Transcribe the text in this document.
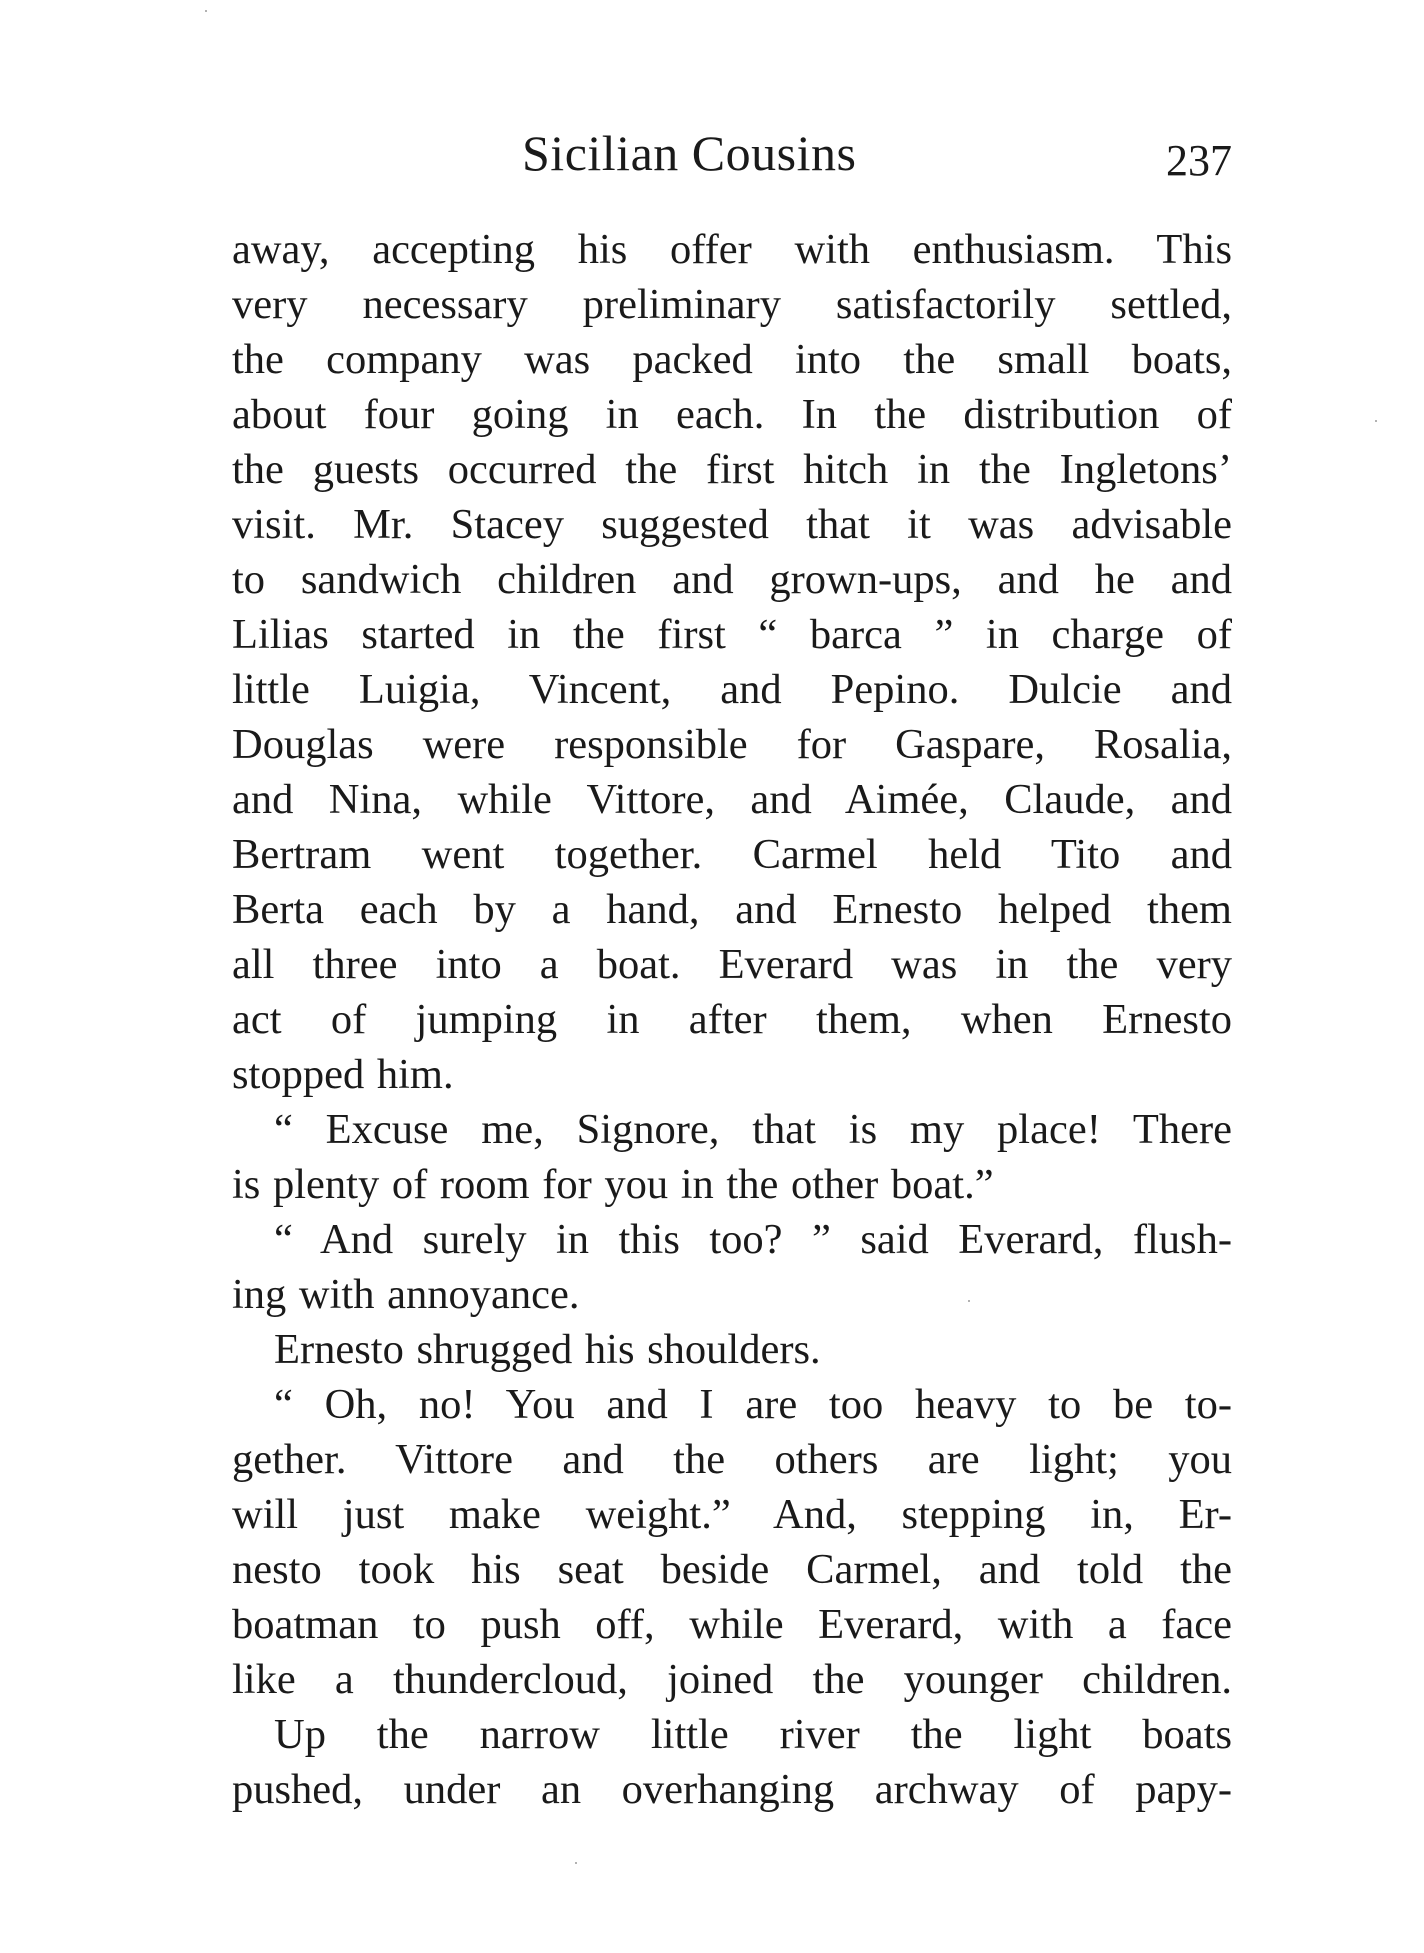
Sicilian Cousins	237
away, accepting his offer with enthusiasm. This
very necessary preliminary satisfactorily settled,
the company was packed into the small boats,
about four going in each. In the distribution of
the guests occurred the first hitch in the Ingletons’
visit. Mr. Stacey suggested that it was advisable
to sandwich children and grown-ups, and he and
Lilias started in the first “ barca ” in charge of
little Luigia, Vincent, and Pepino. Dulcie and
Douglas were responsible for Gaspare, Rosalia,
and Nina, while Vittore, and Aimée, Claude, and
Bertram went together. Carmel held Tito and
Berta each by a hand, and Ernesto helped them
all three into a boat. Everard was in the very
act of jumping in after them, when Ernesto
stopped him.
“ Excuse me, Signore, that is my place! There
is plenty of room for you in the other boat.”
“ And surely in this too? ” said Everard, flush-
ing with annoyance.
Ernesto shrugged his shoulders.
“ Oh, no! You and I are too heavy to be to-
gether. Vittore and the others are light; you
will just make weight.” And, stepping in, Er-
nesto took his seat beside Carmel, and told the
boatman to push off, while Everard, with a face
like a thundercloud, joined the younger children.
Up the narrow little river the light boats
pushed, under an overhanging archway of papy-
